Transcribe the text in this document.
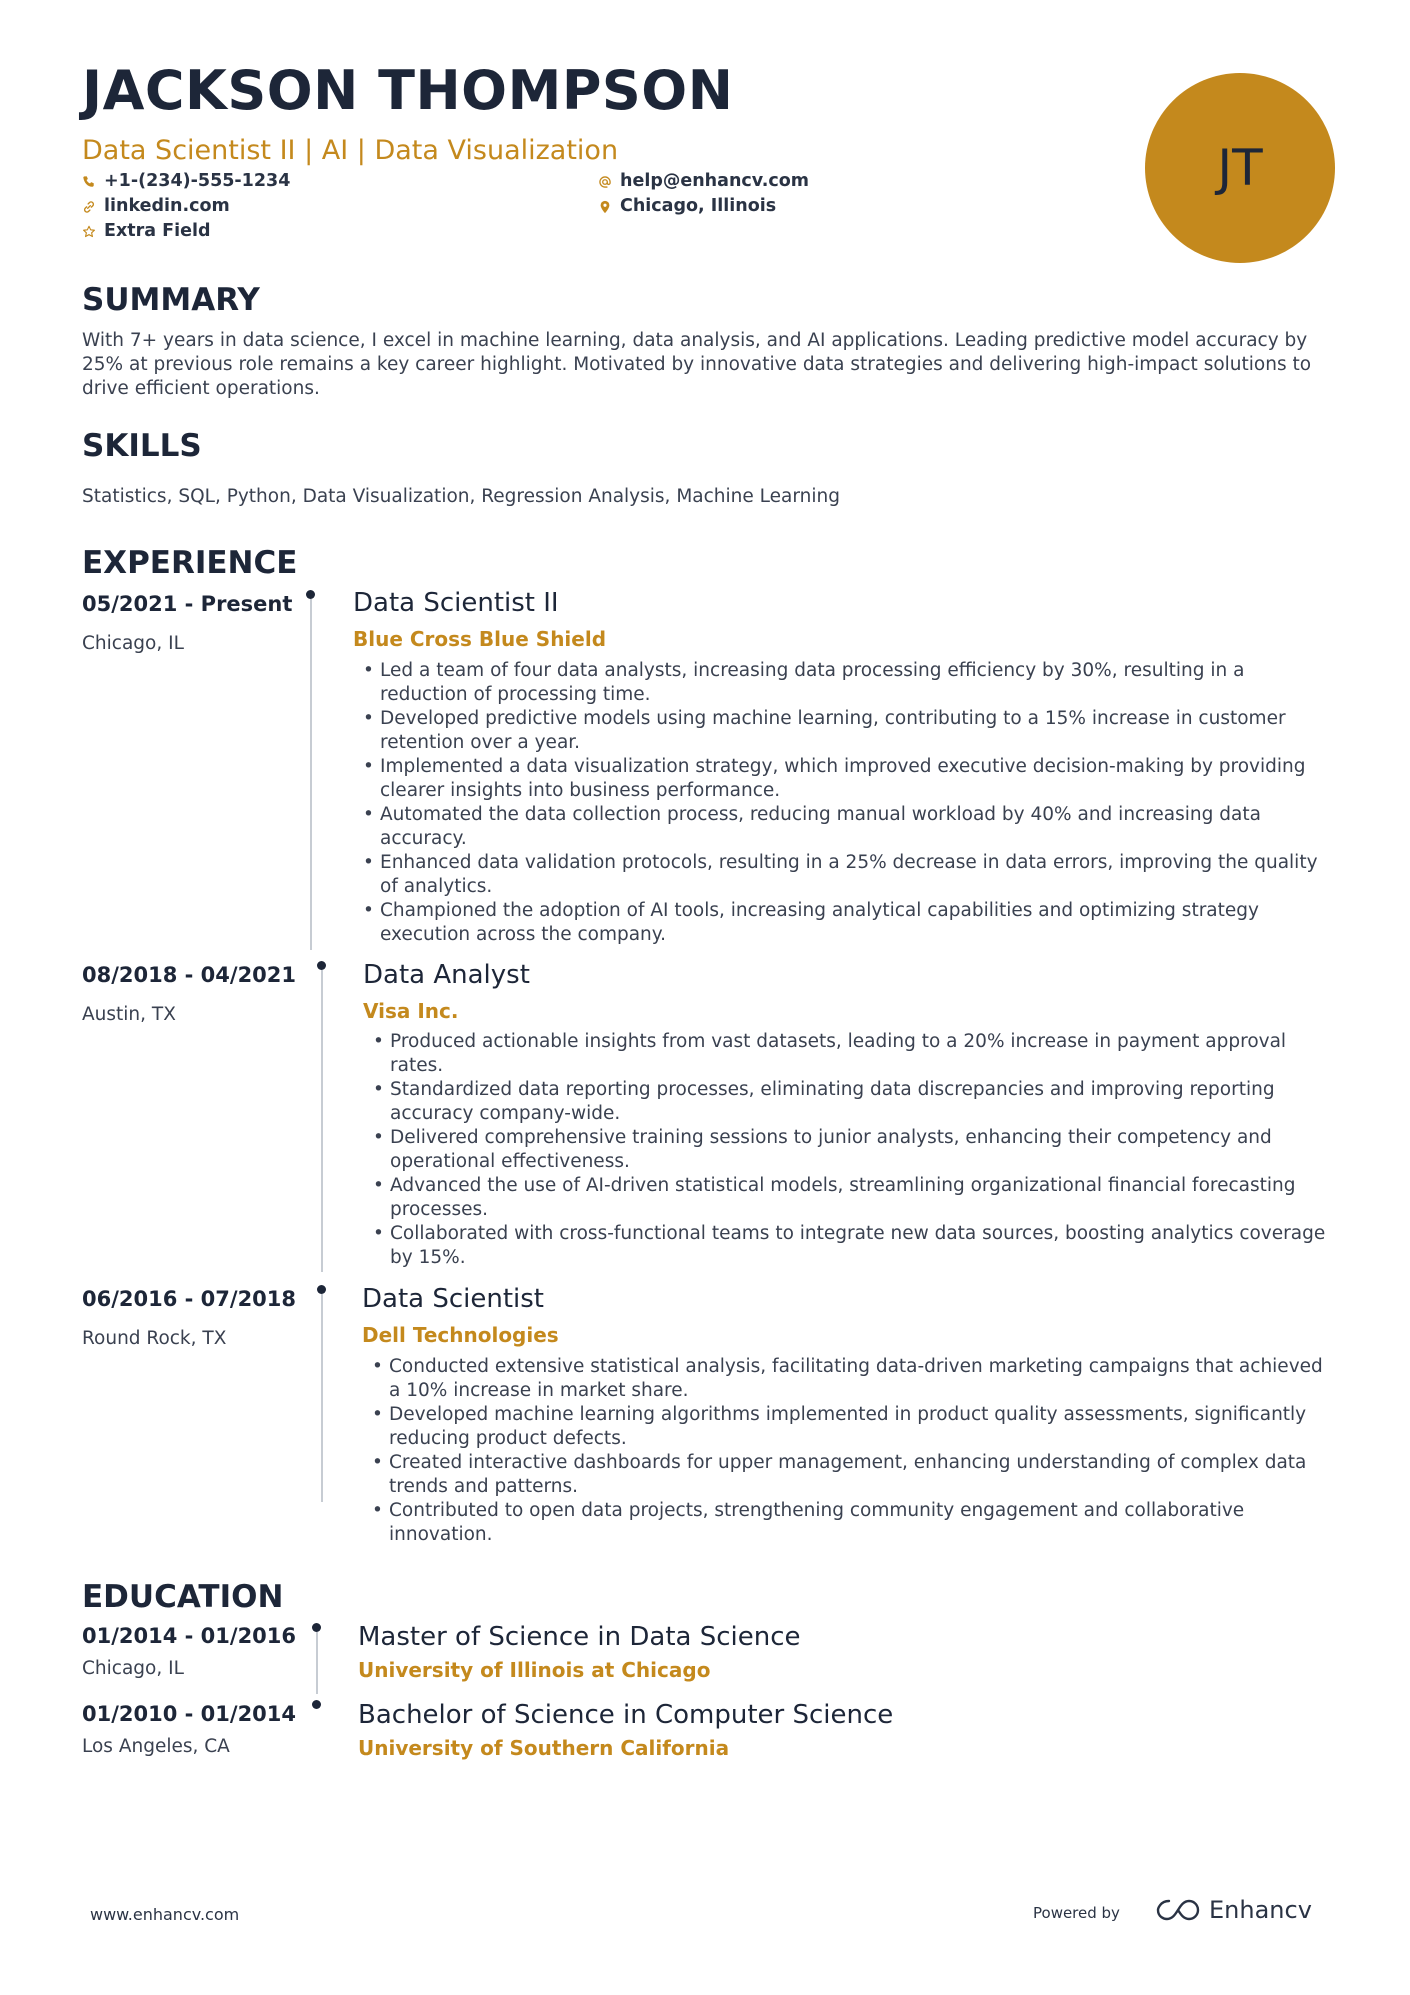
JACKSON THOMPSON
Data Scientist II | AI | Data Visualization
+1-(234)-555-1234
linkedin.com
Extra Field
help@enhancv.com
Chicago, Illinois
JT
SUMMARY

With 7+ years in data science, I excel in machine learning, data analysis, and AI applications. Leading predictive model accuracy by 25% at previous role remains a key career highlight. Motivated by innovative data strategies and delivering high-impact solutions to drive efficient operations.

SKILLS

Statistics, SQL, Python, Data Visualization, Regression Analysis, Machine Learning

EXPERIENCE
05/2021 - Present
Chicago, IL
Data Scientist II
Blue Cross Blue Shield
• Led a team of four data analysts, increasing data processing efficiency by 30%, resulting in a reduction of processing time.
• Developed predictive models using machine learning, contributing to a 15% increase in customer retention over a year.
• Implemented a data visualization strategy, which improved executive decision-making by providing clearer insights into business performance.
• Automated the data collection process, reducing manual workload by 40% and increasing data accuracy.
• Enhanced data validation protocols, resulting in a 25% decrease in data errors, improving the quality of analytics.
• Championed the adoption of AI tools, increasing analytical capabilities and optimizing strategy execution across the company.
08/2018 - 04/2021
Austin, TX
Data Analyst
Visa Inc.
• Produced actionable insights from vast datasets, leading to a 20% increase in payment approval rates.
• Standardized data reporting processes, eliminating data discrepancies and improving reporting accuracy company-wide.
• Delivered comprehensive training sessions to junior analysts, enhancing their competency and operational effectiveness.
• Advanced the use of AI-driven statistical models, streamlining organizational financial forecasting processes.
• Collaborated with cross-functional teams to integrate new data sources, boosting analytics coverage by 15%.
06/2016 - 07/2018
Round Rock, TX
Data Scientist
Dell Technologies
• Conducted extensive statistical analysis, facilitating data-driven marketing campaigns that achieved a 10% increase in market share.
• Developed machine learning algorithms implemented in product quality assessments, significantly reducing product defects.
• Created interactive dashboards for upper management, enhancing understanding of complex data trends and patterns.
• Contributed to open data projects, strengthening community engagement and collaborative innovation.
EDUCATION
01/2014 - 01/2016
Chicago, IL
Master of Science in Data Science
University of Illinois at Chicago
01/2010 - 01/2014
Los Angeles, CA
Bachelor of Science in Computer Science
University of Southern California
www.enhancv.com	Powered by	Enhancv
